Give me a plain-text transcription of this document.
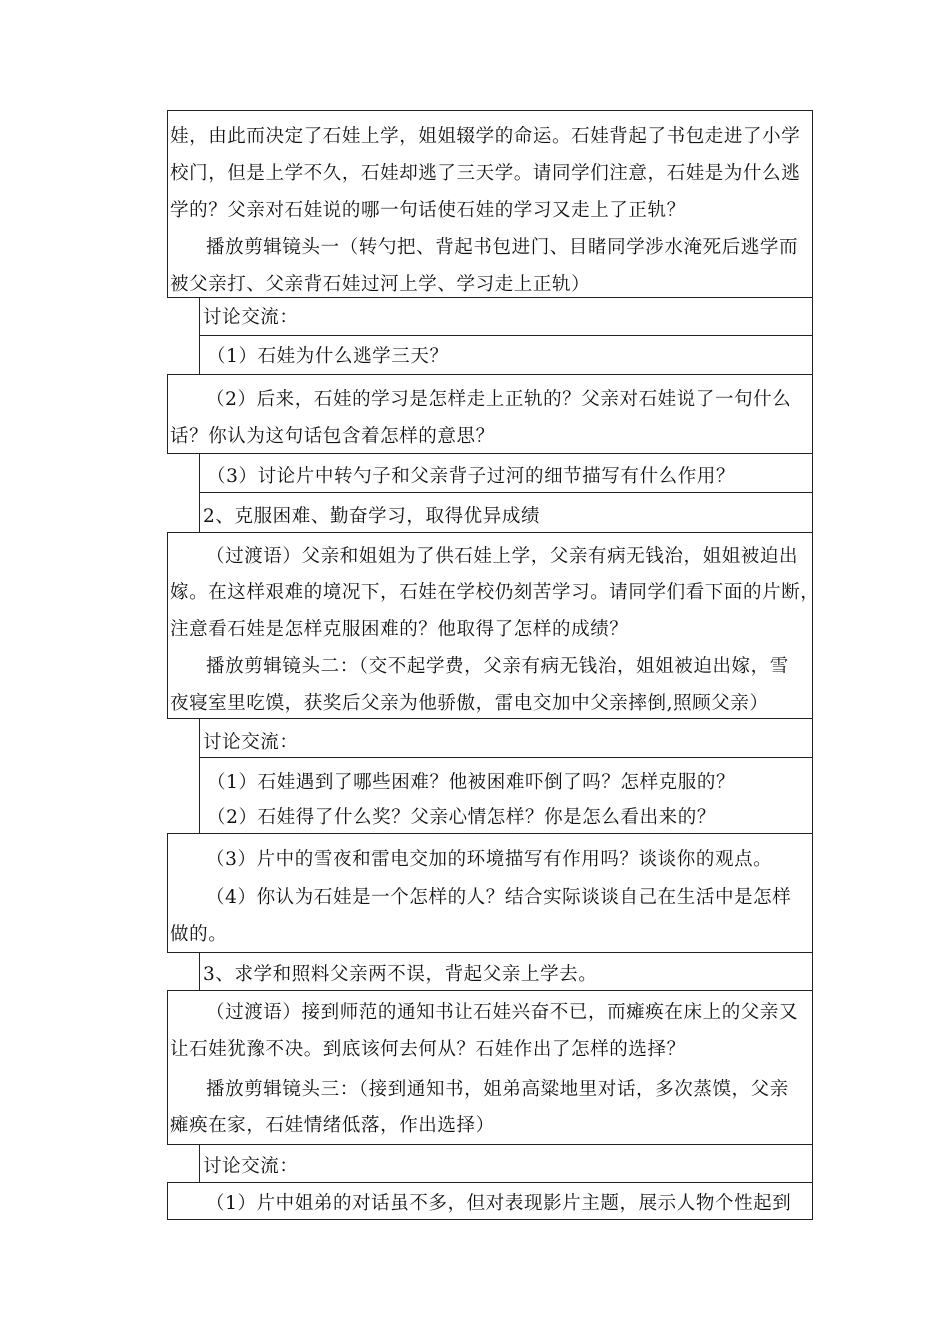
娃，由此而决定了石娃上学，姐姐辍学的命运。石娃背起了书包走进了小学
校门，但是上学不久，石娃却逃了三天学。请同学们注意，石娃是为什么逃
学的？父亲对石娃说的哪一句话使石娃的学习又走上了正轨？
播放剪辑镜头一（转勺把、背起书包进门、目睹同学涉水淹死后逃学而
被父亲打、父亲背石娃过河上学、学习走上正轨）
讨论交流：
（1）石娃为什么逃学三天？
（2）后来，石娃的学习是怎样走上正轨的？父亲对石娃说了一句什么
话？你认为这句话包含着怎样的意思？
（3）讨论片中转勺子和父亲背子过河的细节描写有什么作用？
2、克服困难、勤奋学习，取得优异成绩
（过渡语）父亲和姐姐为了供石娃上学，父亲有病无钱治，姐姐被迫出
嫁。在这样艰难的境况下，石娃在学校仍刻苦学习。请同学们看下面的片断，
注意看石娃是怎样克服困难的？他取得了怎样的成绩？
播放剪辑镜头二：（交不起学费，父亲有病无钱治，姐姐被迫出嫁，雪
夜寝室里吃馍，获奖后父亲为他骄傲，雷电交加中父亲摔倒,照顾父亲）
讨论交流：
（1）石娃遇到了哪些困难？他被困难吓倒了吗？怎样克服的？
（2）石娃得了什么奖？父亲心情怎样？你是怎么看出来的？
（3）片中的雪夜和雷电交加的环境描写有作用吗？谈谈你的观点。
（4）你认为石娃是一个怎样的人？结合实际谈谈自己在生活中是怎样
做的。
3、求学和照料父亲两不误，背起父亲上学去。
（过渡语）接到师范的通知书让石娃兴奋不已，而瘫痪在床上的父亲又
让石娃犹豫不决。到底该何去何从？石娃作出了怎样的选择？
播放剪辑镜头三：（接到通知书，姐弟高粱地里对话，多次蒸馍，父亲
瘫痪在家，石娃情绪低落，作出选择）
讨论交流：
（1）片中姐弟的对话虽不多，但对表现影片主题，展示人物个性起到
